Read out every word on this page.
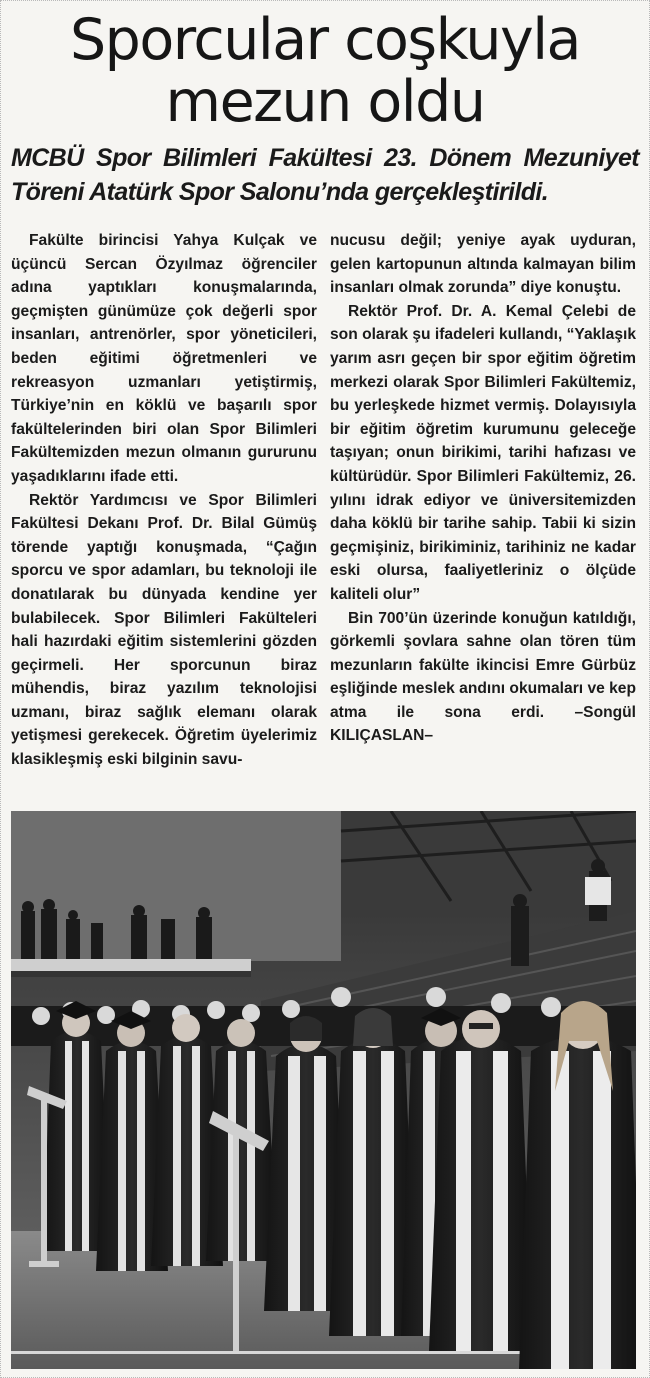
Sporcular coşkuyla
mezun oldu
MCBÜ Spor Bilimleri Fakültesi 23. Dönem Mezuniyet Töreni Atatürk Spor Salonu’nda gerçekleştirildi.

Fakülte birincisi Yahya Kulçak ve üçüncü Sercan Özyılmaz öğrenciler adına yaptıkları konuşmalarında, geçmişten günümüze çok değerli spor insanları, antrenörler, spor yöneticileri, beden eğitimi öğretmenleri ve rekreasyon uzmanları yetiştirmiş, Türkiye’nin en köklü ve başarılı spor fakültelerinden biri olan Spor Bilimleri Fakültemizden mezun olmanın gururunu yaşadıklarını ifade etti.

Rektör Yardımcısı ve Spor Bilimleri Fakültesi Dekanı Prof. Dr. Bilal Gümüş törende yaptığı konuşmada, “Çağın sporcu ve spor adamları, bu teknoloji ile donatılarak bu dünyada kendine yer bulabilecek. Spor Bilimleri Fakülteleri hali hazırdaki eğitim sistemlerini gözden geçirmeli. Her sporcunun biraz mühendis, biraz yazılım teknolojisi uzmanı, biraz sağlık elemanı olarak yetişmesi gerekecek. Öğretim üyelerimiz klasikleşmiş eski bilginin savu-

nucusu değil; yeniye ayak uyduran, gelen kartopunun altında kalmayan bilim insanları olmak zorunda” diye konuştu.

Rektör Prof. Dr. A. Kemal Çelebi de son olarak şu ifadeleri kullandı, “Yaklaşık yarım asrı geçen bir spor eğitim öğretim merkezi olarak Spor Bilimleri Fakültemiz, bu yerleşkede hizmet vermiş. Dolayısıyla bir eğitim öğretim kurumunu geleceğe taşıyan; onun birikimi, tarihi hafızası ve kültürüdür. Spor Bilimleri Fakültemiz, 26. yılını idrak ediyor ve üniversitemizden daha köklü bir tarihe sahip. Tabii ki sizin geçmişiniz, birikiminiz, tarihiniz ne kadar eski olursa, faaliyetleriniz o ölçüde kaliteli olur”

Bin 700’ün üzerinde konuğun katıldığı, görkemli şovlara sahne olan tören tüm mezunların fakülte ikincisi Emre Gürbüz eşliğinde meslek andını okumaları ve kep atma ile sona erdi. –Songül KILIÇASLAN–
